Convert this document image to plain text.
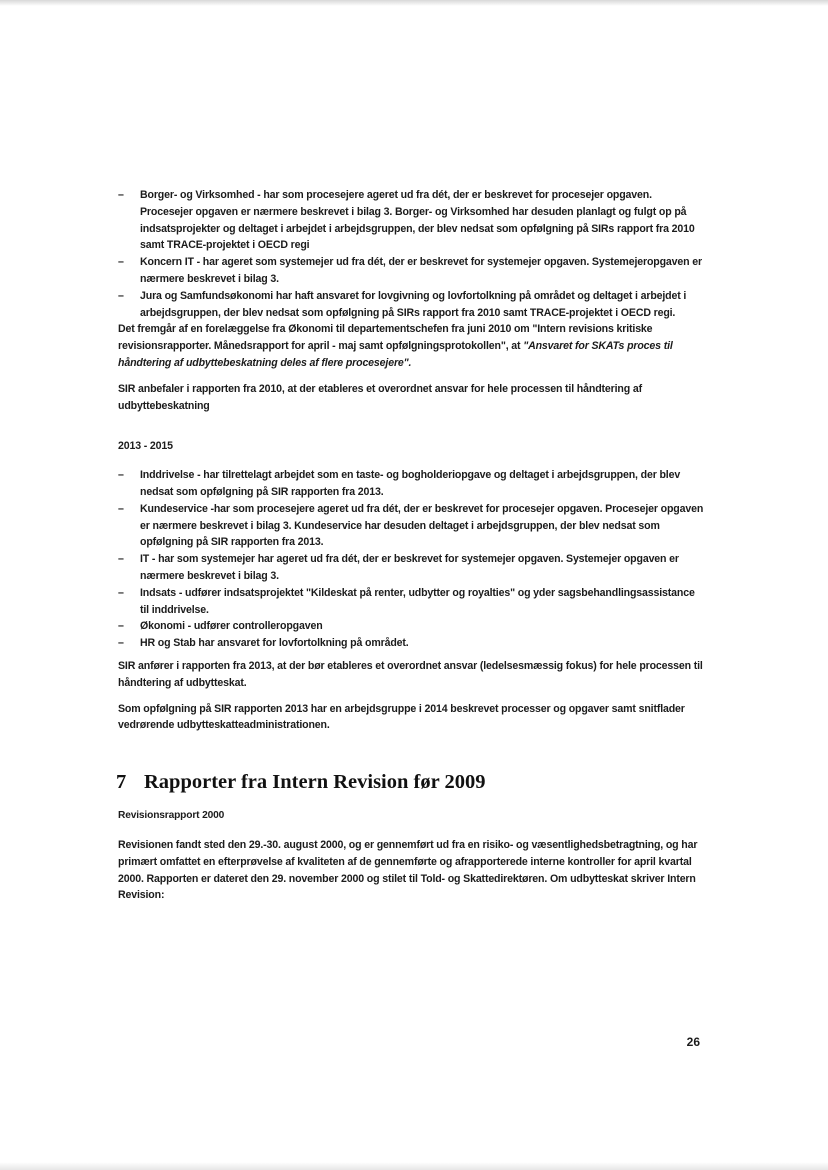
– Borger- og Virksomhed - har som procesejere ageret ud fra dét, der er beskrevet for procesejer opgaven. Procesejer opgaven er nærmere beskrevet i bilag 3. Borger- og Virksomhed har desuden planlagt og fulgt op på indsatsprojekter og deltaget i arbejdet i arbejdsgruppen, der blev nedsat som opfølgning på SIRs rapport fra 2010 samt TRACE-projektet i OECD regi
– Koncern IT - har ageret som systemejer ud fra dét, der er beskrevet for systemejer opgaven. Systemejeropgaven er nærmere beskrevet i bilag 3.
– Jura og Samfundsøkonomi har haft ansvaret for lovgivning og lovfortolkning på området og deltaget i arbejdet i arbejdsgruppen, der blev nedsat som opfølgning på SIRs rapport fra 2010 samt TRACE-projektet i OECD regi.

Det fremgår af en forelæggelse fra Økonomi til departementschefen fra juni 2010 om "Intern revisions kritiske revisionsrapporter. Månedsrapport for april - maj samt opfølgningsprotokollen", at "Ansvaret for SKATs proces til håndtering af udbyttebeskatning deles af flere procesejere".

SIR anbefaler i rapporten fra 2010, at der etableres et overordnet ansvar for hele processen til håndtering af udbyttebeskatning

2013 - 2015
– Inddrivelse - har tilrettelagt arbejdet som en taste- og bogholderiopgave og deltaget i arbejdsgruppen, der blev nedsat som opfølgning på SIR rapporten fra 2013.
– Kundeservice -har som procesejere ageret ud fra dét, der er beskrevet for procesejer opgaven. Procesejer opgaven er nærmere beskrevet i bilag 3. Kundeservice har desuden deltaget i arbejdsgruppen, der blev nedsat som opfølgning på SIR rapporten fra 2013.
– IT - har som systemejer har ageret ud fra dét, der er beskrevet for systemejer opgaven. Systemejer opgaven er nærmere beskrevet i bilag 3.
– Indsats - udfører indsatsprojektet "Kildeskat på renter, udbytter og royalties" og yder sagsbehandlingsassistance til inddrivelse.
– Økonomi - udfører controlleropgaven
– HR og Stab har ansvaret for lovfortolkning på området.

SIR anfører i rapporten fra 2013, at der bør etableres et overordnet ansvar (ledelsesmæssig fokus) for hele processen til håndtering af udbytteskat.

Som opfølgning på SIR rapporten 2013 har en arbejdsgruppe i 2014 beskrevet processer og opgaver samt snitflader vedrørende udbytteskatteadministrationen.

7 Rapporter fra Intern Revision før 2009
Revisionsrapport 2000

Revisionen fandt sted den 29.-30. august 2000, og er gennemført ud fra en risiko- og væsentlighedsbetragtning, og har primært omfattet en efterprøvelse af kvaliteten af de gennemførte og afrapporterede interne kontroller for april kvartal 2000. Rapporten er dateret den 29. november 2000 og stilet til Told- og Skattedirektøren. Om udbytteskat skriver Intern Revision:

26
